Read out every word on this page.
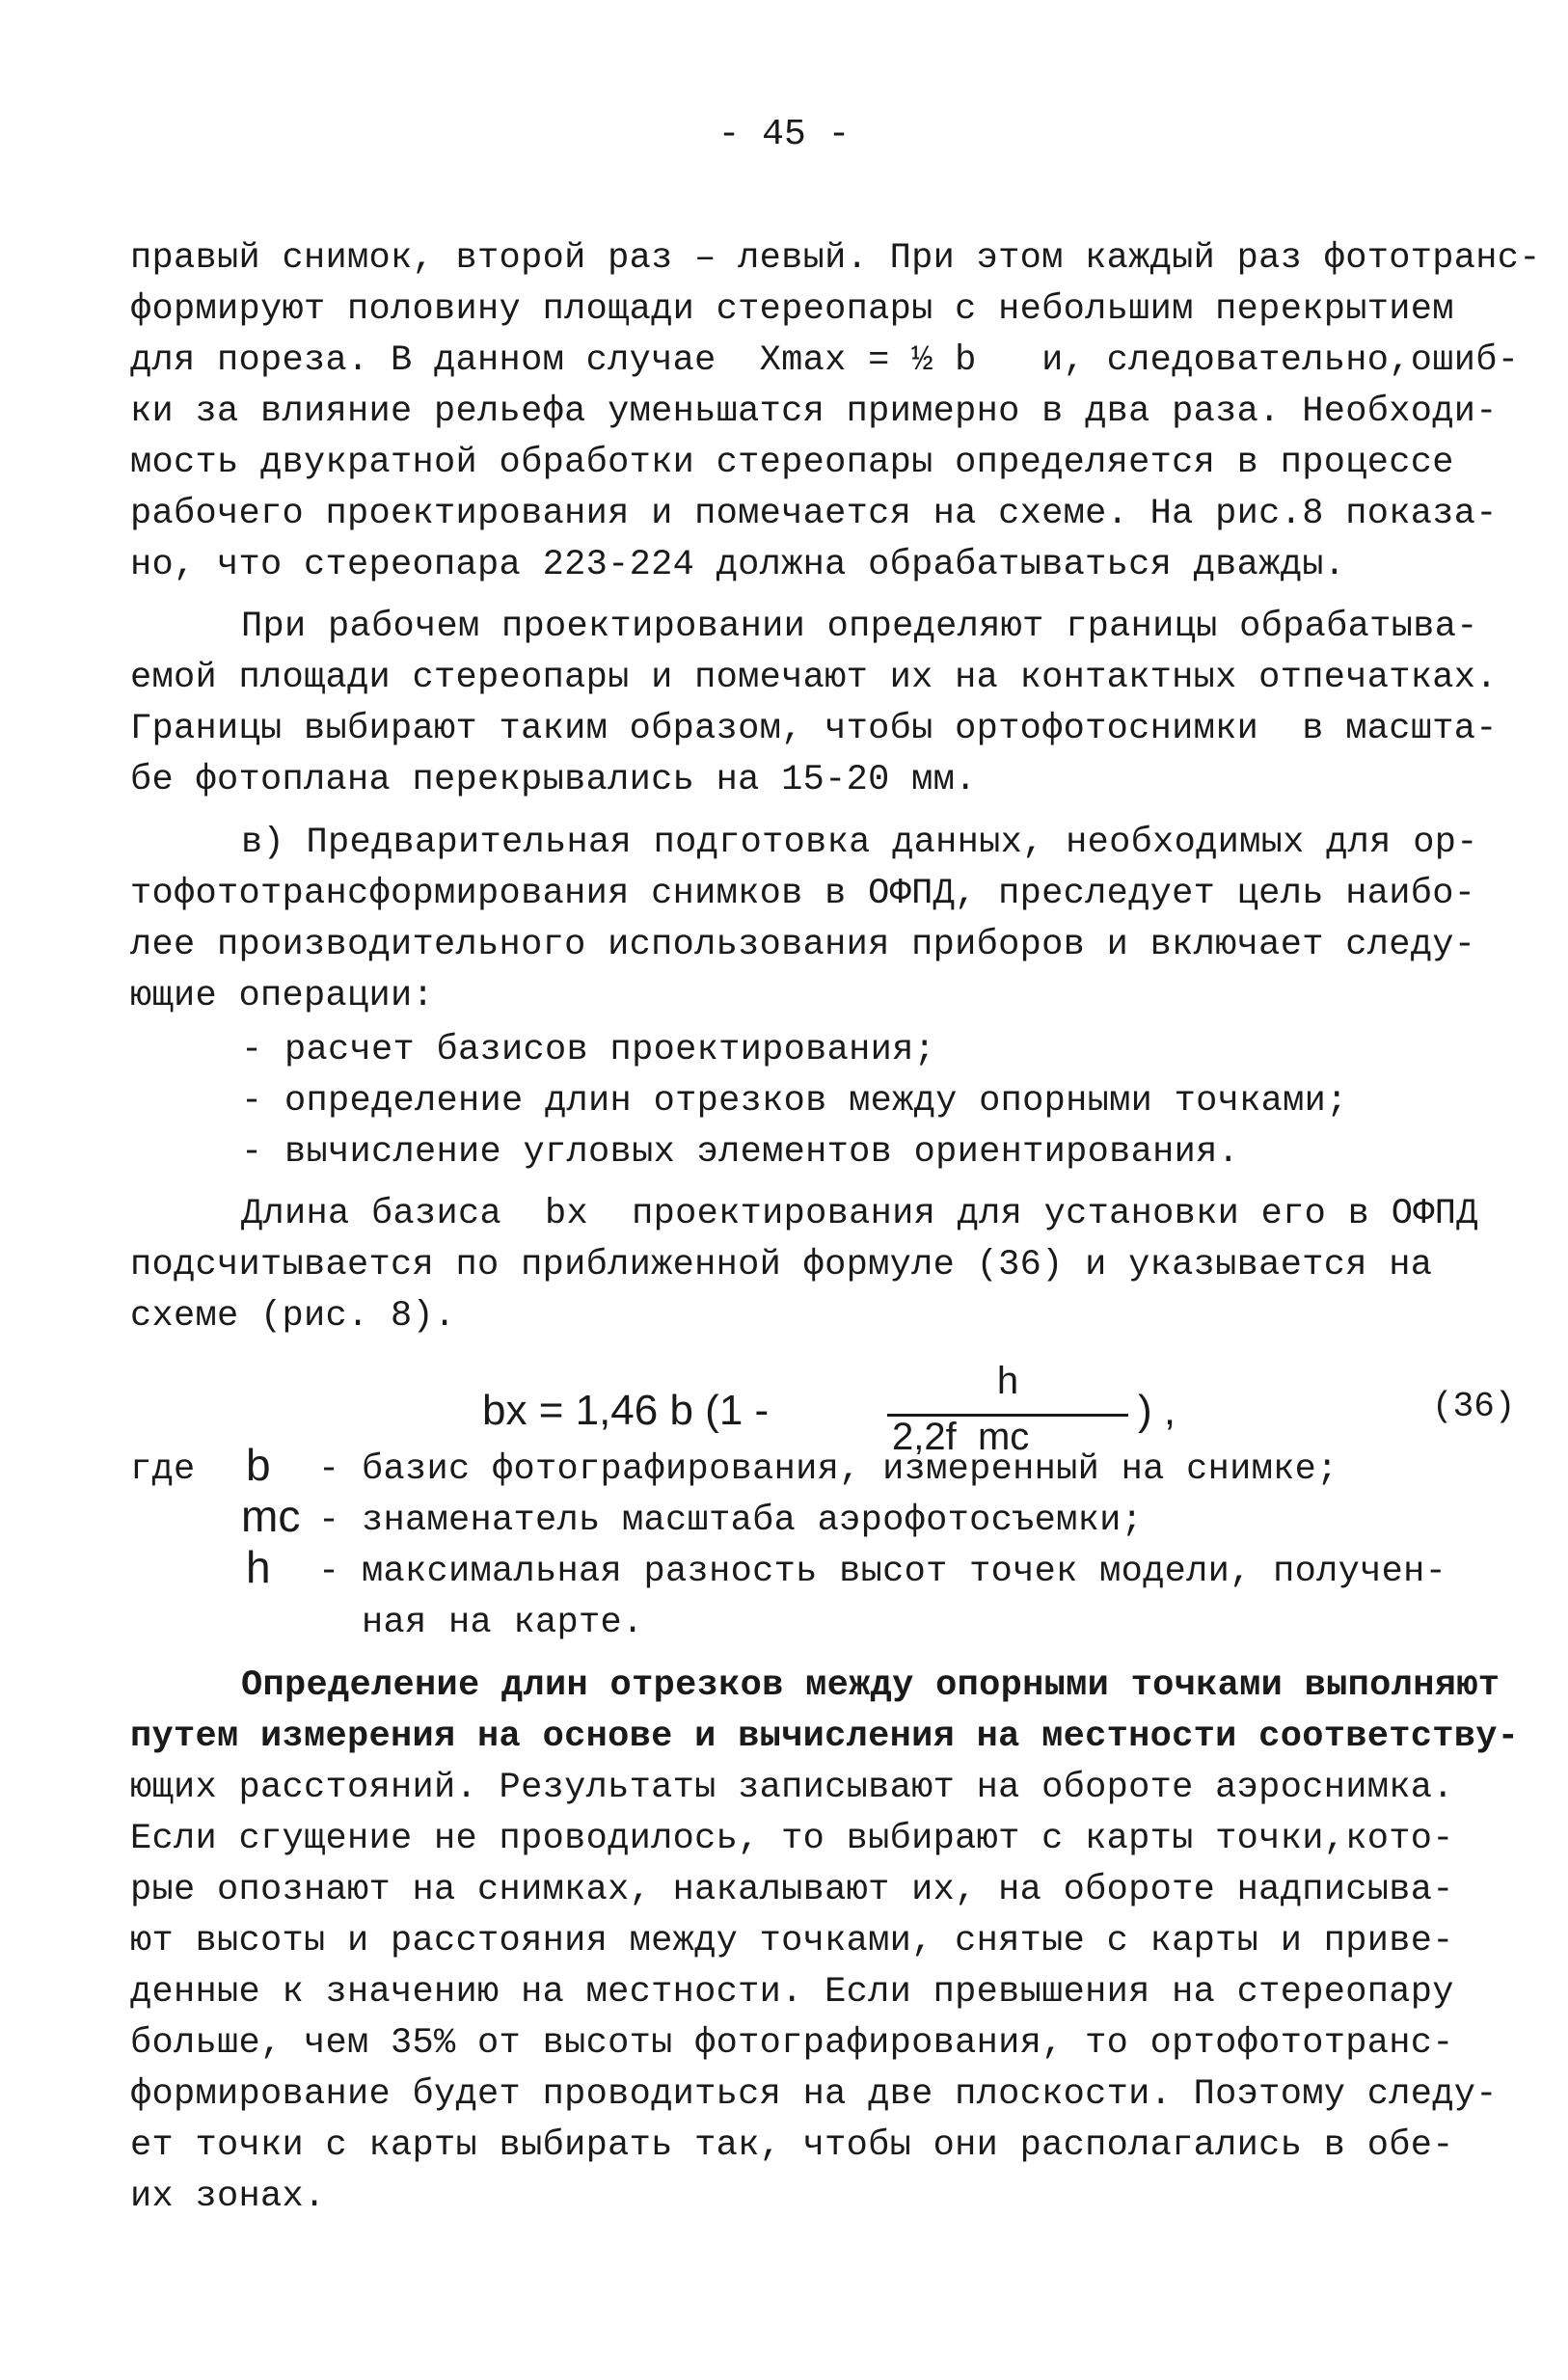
- 45 -
правый снимок, второй раз – левый. При этом каждый раз фототранс-
формируют половину площади стереопары с небольшим перекрытием
для пореза. В данном случае  Xmax = ½ b   и, следовательно,ошиб-
ки за влияние рельефа уменьшатся примерно в два раза. Необходи-
мость двукратной обработки стереопары определяется в процессе
рабочего проектирования и помечается на схеме. На рис.8 показа-
но, что стереопара 223-224 должна обрабатываться дважды.
При рабочем проектировании определяют границы обрабатыва-
емой площади стереопары и помечают их на контактных отпечатках.
Границы выбирают таким образом, чтобы ортофотоснимки  в масшта-
бе фотоплана перекрывались на 15-20 мм.
в) Предварительная подготовка данных, необходимых для ор-
тофототрансформирования снимков в ОФПД, преследует цель наибо-
лее производительного использования приборов и включает следу-
ющие операции:
- расчет базисов проектирования;
- определение длин отрезков между опорными точками;
- вычисление угловых элементов ориентирования.
Длина базиса  bx  проектирования для установки его в ОФПД
подсчитывается по приближенной формуле (36) и указывается на
схеме (рис. 8).
bx = 1,46 b (1 -
h
2,2f  mc
) ,	(36)
где b - базис фотографирования, измеренный на снимке;
mc - знаменатель масштаба аэрофотосъемки;
h - максимальная разность высот точек модели, получен-
ная на карте.
Определение длин отрезков между опорными точками выполняют
путем измерения на основе и вычисления на местности соответству-
ющих расстояний. Результаты записывают на обороте аэроснимка.
Если сгущение не проводилось, то выбирают с карты точки,кото-
рые опознают на снимках, накалывают их, на обороте надписыва-
ют высоты и расстояния между точками, снятые с карты и приве-
денные к значению на местности. Если превышения на стереопару
больше, чем 35% от высоты фотографирования, то ортофототранс-
формирование будет проводиться на две плоскости. Поэтому следу-
ет точки с карты выбирать так, чтобы они располагались в обе-
их зонах.
